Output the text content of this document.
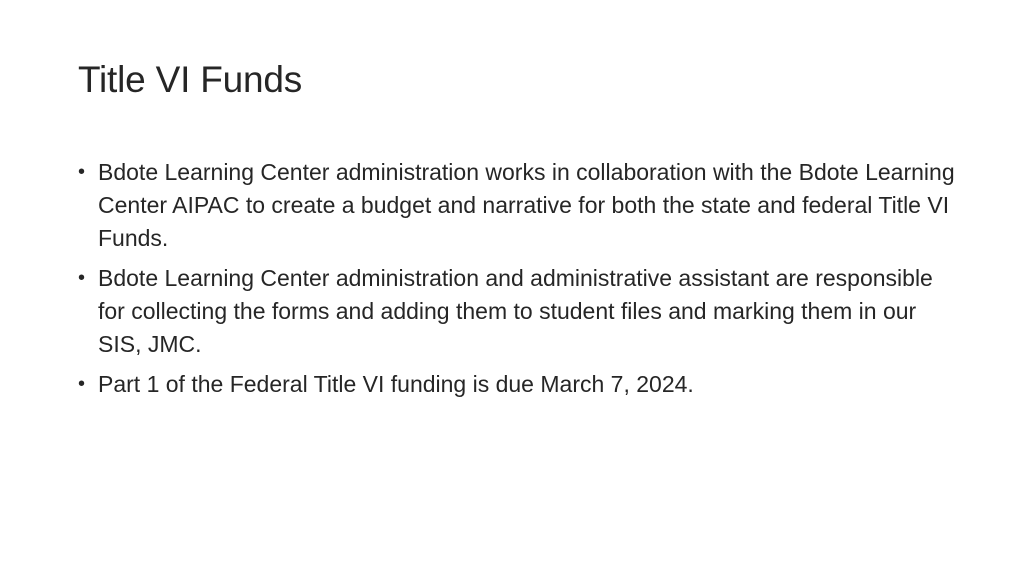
Title VI Funds
• Bdote Learning Center administration works in collaboration with the Bdote Learning Center AIPAC to create a budget and narrative for both the state and federal Title VI Funds.
• Bdote Learning Center administration and administrative assistant are responsible for collecting the forms and adding them to student files and marking them in our SIS, JMC.
• Part 1 of the Federal Title VI funding is due March 7, 2024.
